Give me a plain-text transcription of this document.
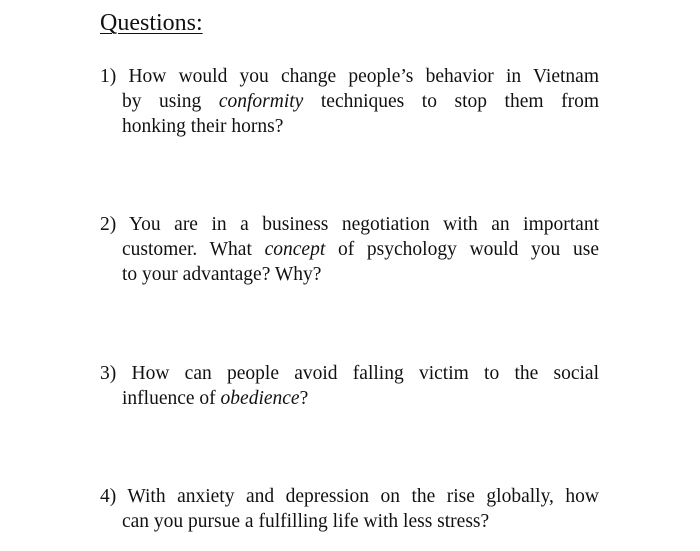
Questions:
1) How would you change people’s behavior in Vietnam
by using conformity techniques to stop them from
honking their horns?
2) You are in a business negotiation with an important
customer. What concept of psychology would you use
to your advantage? Why?
3) How can people avoid falling victim to the social
influence of obedience?
4) With anxiety and depression on the rise globally, how
can you pursue a fulfilling life with less stress?
